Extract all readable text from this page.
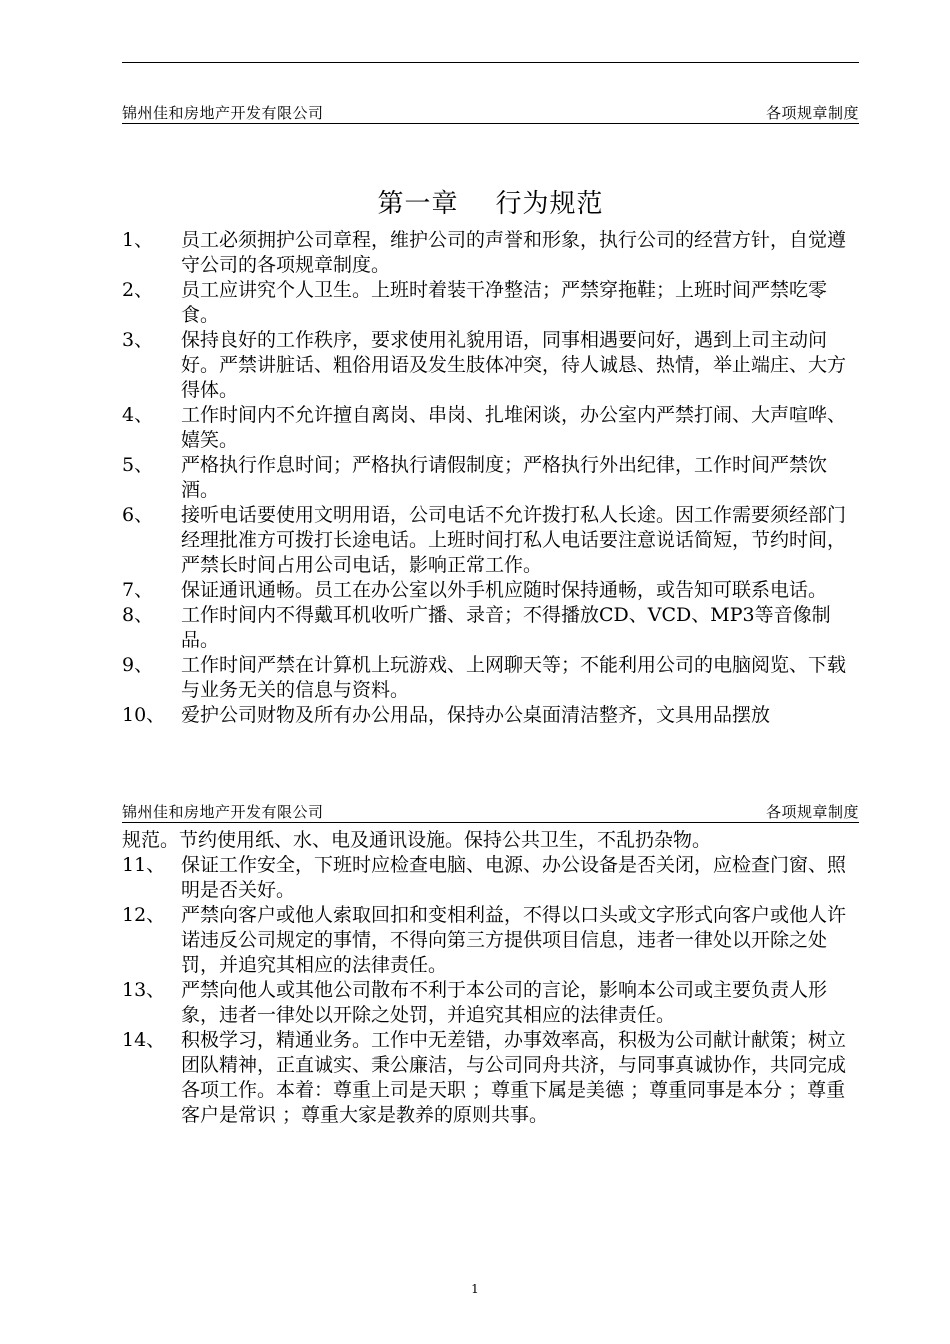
锦州佳和房地产开发有限公司	各项规章制度
第一章    行为规范
1、 员工必须拥护公司章程，维护公司的声誉和形象，执行公司的经营方针，自觉遵守公司的各项规章制度。
2、 员工应讲究个人卫生。上班时着装干净整洁；严禁穿拖鞋；上班时间严禁吃零食。
3、 保持良好的工作秩序，要求使用礼貌用语，同事相遇要问好，遇到上司主动问好。严禁讲脏话、粗俗用语及发生肢体冲突，待人诚恳、热情，举止端庄、大方得体。
4、 工作时间内不允许擅自离岗、串岗、扎堆闲谈，办公室内严禁打闹、大声喧哗、嬉笑。
5、 严格执行作息时间；严格执行请假制度；严格执行外出纪律，工作时间严禁饮酒。
6、 接听电话要使用文明用语，公司电话不允许拨打私人长途。因工作需要须经部门经理批准方可拨打长途电话。上班时间打私人电话要注意说话简短，节约时间，严禁长时间占用公司电话，影响正常工作。
7、 保证通讯通畅。员工在办公室以外手机应随时保持通畅，或告知可联系电话。
8、 工作时间内不得戴耳机收听广播、录音；不得播放CD、VCD、MP3等音像制品。
9、 工作时间严禁在计算机上玩游戏、上网聊天等；不能利用公司的电脑阅览、下载与业务无关的信息与资料。
10、 爱护公司财物及所有办公用品，保持办公桌面清洁整齐，文具用品摆放
锦州佳和房地产开发有限公司	各项规章制度
规范。节约使用纸、水、电及通讯设施。保持公共卫生，不乱扔杂物。
11、 保证工作安全，下班时应检查电脑、电源、办公设备是否关闭，应检查门窗、照明是否关好。
12、 严禁向客户或他人索取回扣和变相利益，不得以口头或文字形式向客户或他人许诺违反公司规定的事情，不得向第三方提供项目信息，违者一律处以开除之处罚，并追究其相应的法律责任。
13、 严禁向他人或其他公司散布不利于本公司的言论，影响本公司或主要负责人形象，违者一律处以开除之处罚，并追究其相应的法律责任。
14、 积极学习，精通业务。工作中无差错，办事效率高，积极为公司献计献策；树立团队精神，正直诚实、秉公廉洁，与公司同舟共济，与同事真诚协作，共同完成各项工作。本着：尊重上司是天职 ；尊重下属是美德 ；尊重同事是本分 ；尊重客户是常识 ；尊重大家是教养的原则共事。
1
